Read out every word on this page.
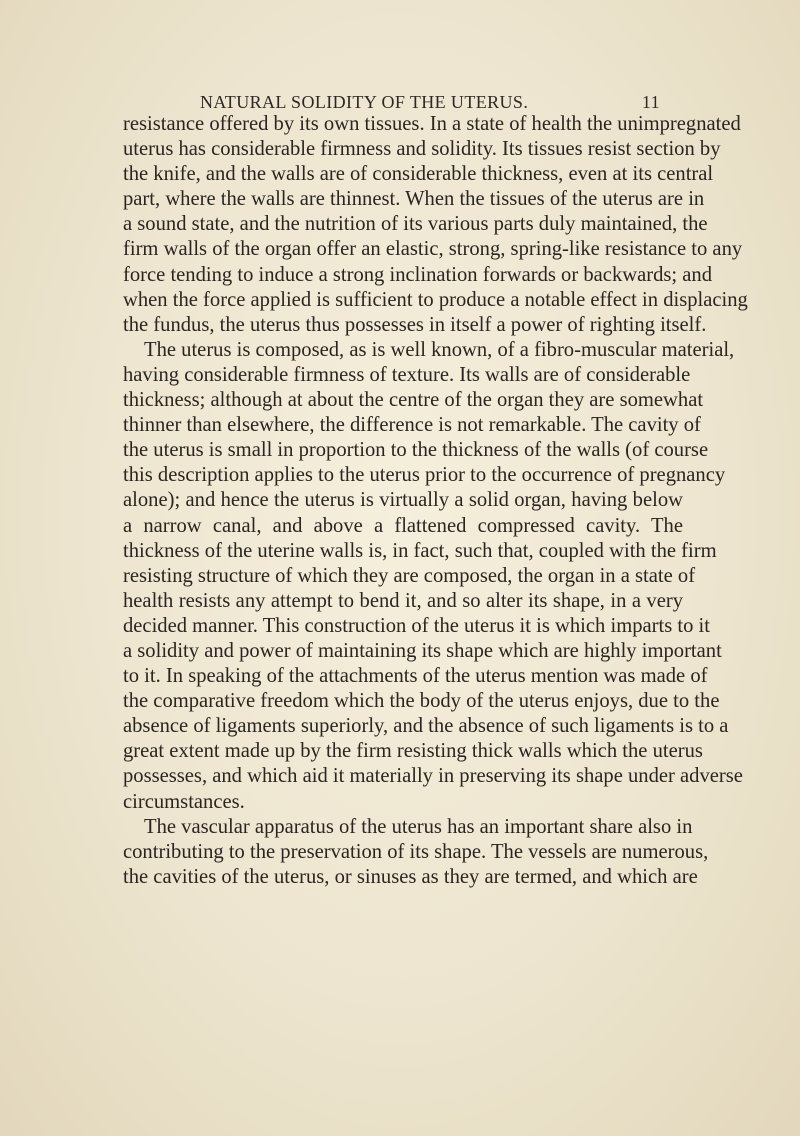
NATURAL SOLIDITY OF THE UTERUS.	11

resistance offered by its own tissues. In a state of health the unimpregnated

uterus has considerable firmness and solidity. Its tissues resist section by

the knife, and the walls are of considerable thickness, even at its central

part, where the walls are thinnest. When the tissues of the uterus are in

a sound state, and the nutrition of its various parts duly maintained, the

firm walls of the organ offer an elastic, strong, spring-like resistance to any

force tending to induce a strong inclination forwards or backwards; and

when the force applied is sufficient to produce a notable effect in displacing

the fundus, the uterus thus possesses in itself a power of righting itself.

The uterus is composed, as is well known, of a fibro-muscular material,

having considerable firmness of texture. Its walls are of considerable

thickness; although at about the centre of the organ they are somewhat

thinner than elsewhere, the difference is not remarkable. The cavity of

the uterus is small in proportion to the thickness of the walls (of course

this description applies to the uterus prior to the occurrence of pregnancy

alone); and hence the uterus is virtually a solid organ, having below

a narrow canal, and above a flattened compressed cavity. The

thickness of the uterine walls is, in fact, such that, coupled with the firm

resisting structure of which they are composed, the organ in a state of

health resists any attempt to bend it, and so alter its shape, in a very

decided manner. This construction of the uterus it is which imparts to it

a solidity and power of maintaining its shape which are highly important

to it. In speaking of the attachments of the uterus mention was made of

the comparative freedom which the body of the uterus enjoys, due to the

absence of ligaments superiorly, and the absence of such ligaments is to a

great extent made up by the firm resisting thick walls which the uterus

possesses, and which aid it materially in preserving its shape under adverse

circumstances.

The vascular apparatus of the uterus has an important share also in

contributing to the preservation of its shape. The vessels are numerous,

the cavities of the uterus, or sinuses as they are termed, and which are
